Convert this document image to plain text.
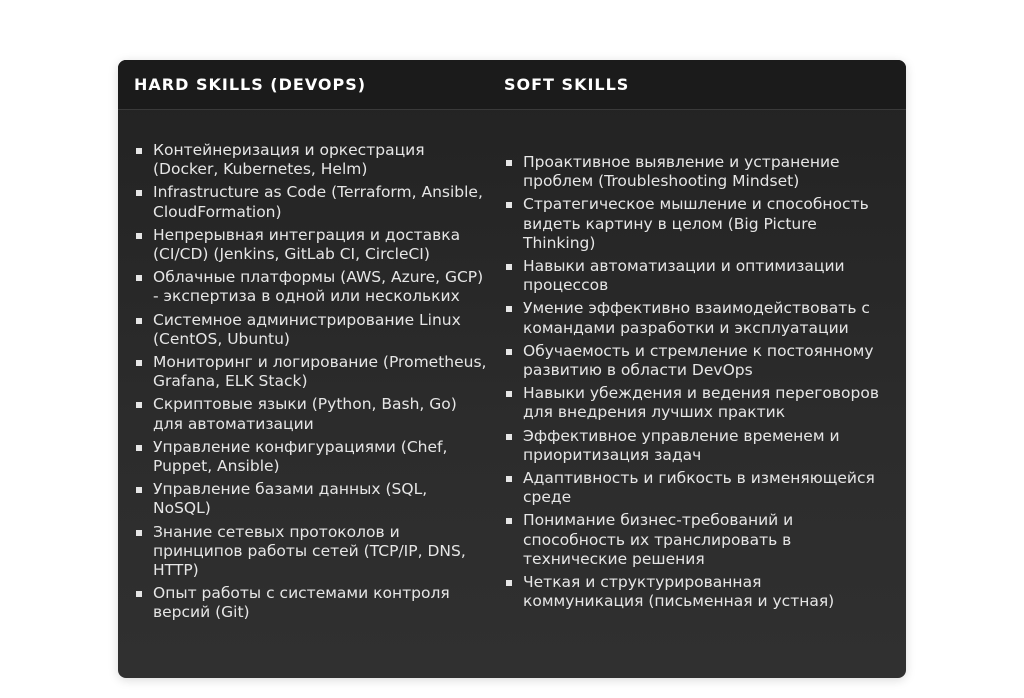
HARD SKILLS (DEVOPS)	SOFT SKILLS
Контейнеризация и оркестрация (Docker, Kubernetes, Helm)
Infrastructure as Code (Terraform, Ansible, CloudFormation)
Непрерывная интеграция и доставка (CI/CD) (Jenkins, GitLab CI, CircleCI)
Облачные платформы (AWS, Azure, GCP) - экспертиза в одной или нескольких
Системное администрирование Linux (CentOS, Ubuntu)
Мониторинг и логирование (Prometheus, Grafana, ELK Stack)
Скриптовые языки (Python, Bash, Go) для автоматизации
Управление конфигурациями (Chef, Puppet, Ansible)
Управление базами данных (SQL, NoSQL)
Знание сетевых протоколов и принципов работы сетей (TCP/IP, DNS, HTTP)
Опыт работы с системами контроля версий (Git)
Проактивное выявление и устранение проблем (Troubleshooting Mindset)
Стратегическое мышление и способность видеть картину в целом (Big Picture Thinking)
Навыки автоматизации и оптимизации процессов
Умение эффективно взаимодействовать с командами разработки и эксплуатации
Обучаемость и стремление к постоянному развитию в области DevOps
Навыки убеждения и ведения переговоров для внедрения лучших практик
Эффективное управление временем и приоритизация задач
Адаптивность и гибкость в изменяющейся среде
Понимание бизнес-требований и способность их транслировать в технические решения
Четкая и структурированная коммуникация (письменная и устная)
